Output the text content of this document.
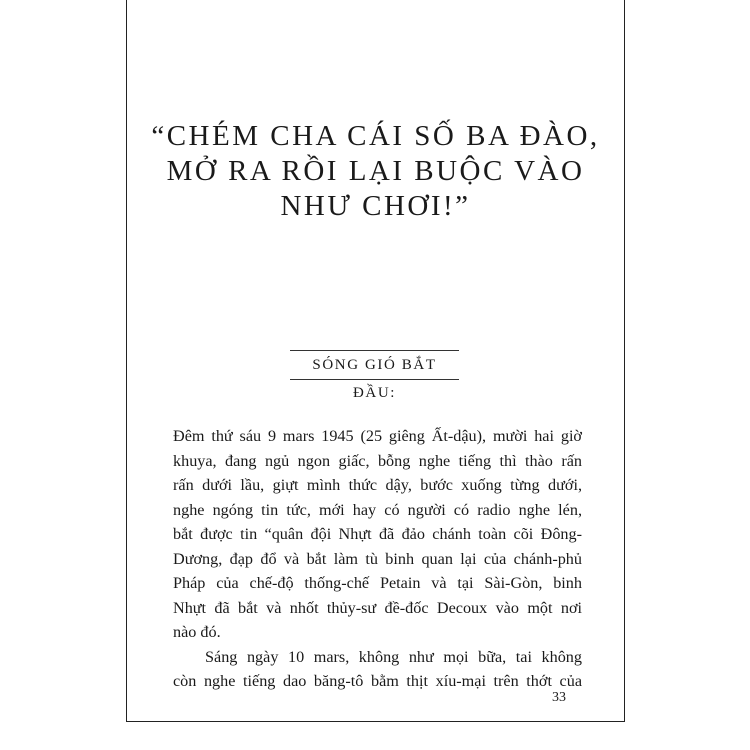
“CHÉM CHA CÁI SỐ BA ĐÀO,
MỞ RA RỒI LẠI BUỘC VÀO
NHƯ CHƠI!”
SÓNG GIÓ BẮT ĐẦU:
Đêm thứ sáu 9 mars 1945 (25 giêng Ất-dậu), mười hai giờ
khuya, đang ngủ ngon giấc, bỗng nghe tiếng thì thào rấn
rấn dưới lầu, giựt mình thức dậy, bước xuống từng dưới,
nghe ngóng tin tức, mới hay có người có radio nghe lén,
bắt được tin “quân đội Nhựt đã đảo chánh toàn cõi Đông-
Dương, đạp đổ và bắt làm tù binh quan lại của chánh-phủ
Pháp của chế-độ thống-chế Petain và tại Sài-Gòn, binh
Nhựt đã bắt và nhốt thủy-sư đề-đốc Decoux vào một nơi
nào đó.
Sáng ngày 10 mars, không như mọi bữa, tai không
còn nghe tiếng dao băng-tô bằm thịt xíu-mại trên thớt của
33
